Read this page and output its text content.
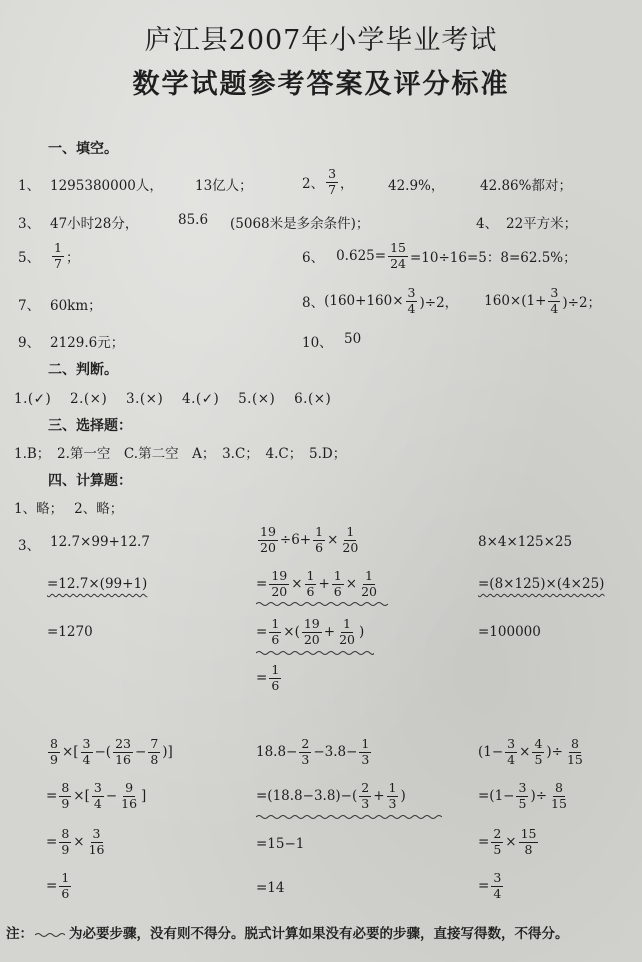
庐江县2007年小学毕业考试
数学试题参考答案及评分标准
一、填空。
1、 1295380000人， 13亿人；	2、 $\frac{3}{7}$ ，	42.9%，	42.86%都对；
3、 47小时28分，	85.6 (5068米是多余条件)；	4、 22平方米；
5、 $\frac{1}{7}$ ；	6、 $0.625= \frac{15}{24} =10\div 16=5$：8=62.5%；
7、 60km；	8、 $(160+160\times \frac{3}{4} )\div 2$， $160\times(1+ \frac{3}{4} )\div 2$；
9、 2129.6元；	10、 50
二、判断。
1.(✓)　 2.(×)　 3.(×)　 4.(✓)　 5.(×)　 6.(×)
三、选择题：
1.B；　2.第一空　C.第二空　A；　3.C；　4.C；　5.D；
四、计算题：
1、略；　 2、略；
3、 12.7×99+12.7
=12.7×(99+1)
=1270
$\frac{19}{20} \div 6+ \frac{1}{6} \times \frac{1}{20}$
= $\frac{19}{20} \times \frac{1}{6} + \frac{1}{6} \times \frac{1}{20}$
= $\frac{1}{6}$ ×( $\frac{19}{20} + \frac{1}{20}$ )
= $\frac{1}{6}$
8×4×125×25
=(8×125)×(4×25)
=100000
$\frac{8}{9}$ ×[ $\frac{3}{4}$ −( $\frac{23}{16} - \frac{7}{8}$ )]
= $\frac{8}{9}$ ×[ $\frac{3}{4} - \frac{9}{16}$ ]
= $\frac{8}{9} \times \frac{3}{16}$
= $\frac{1}{6}$
$18.8- \frac{2}{3} -3.8- \frac{1}{3}$
$=(18.8-3.8)-( \frac{2}{3} + \frac{1}{3}$ )
=15−1
=14
($1- \frac{3}{4} \times \frac{4}{5}$ )÷ $\frac{8}{15}$
$=(1- \frac{3}{5}$ )÷ $\frac{8}{15}$
= $\frac{2}{5} \times \frac{15}{8}$
= $\frac{3}{4}$
注：	为必要步骤，没有则不得分。脱式计算如果没有必要的步骤，直接写得数，不得分。
